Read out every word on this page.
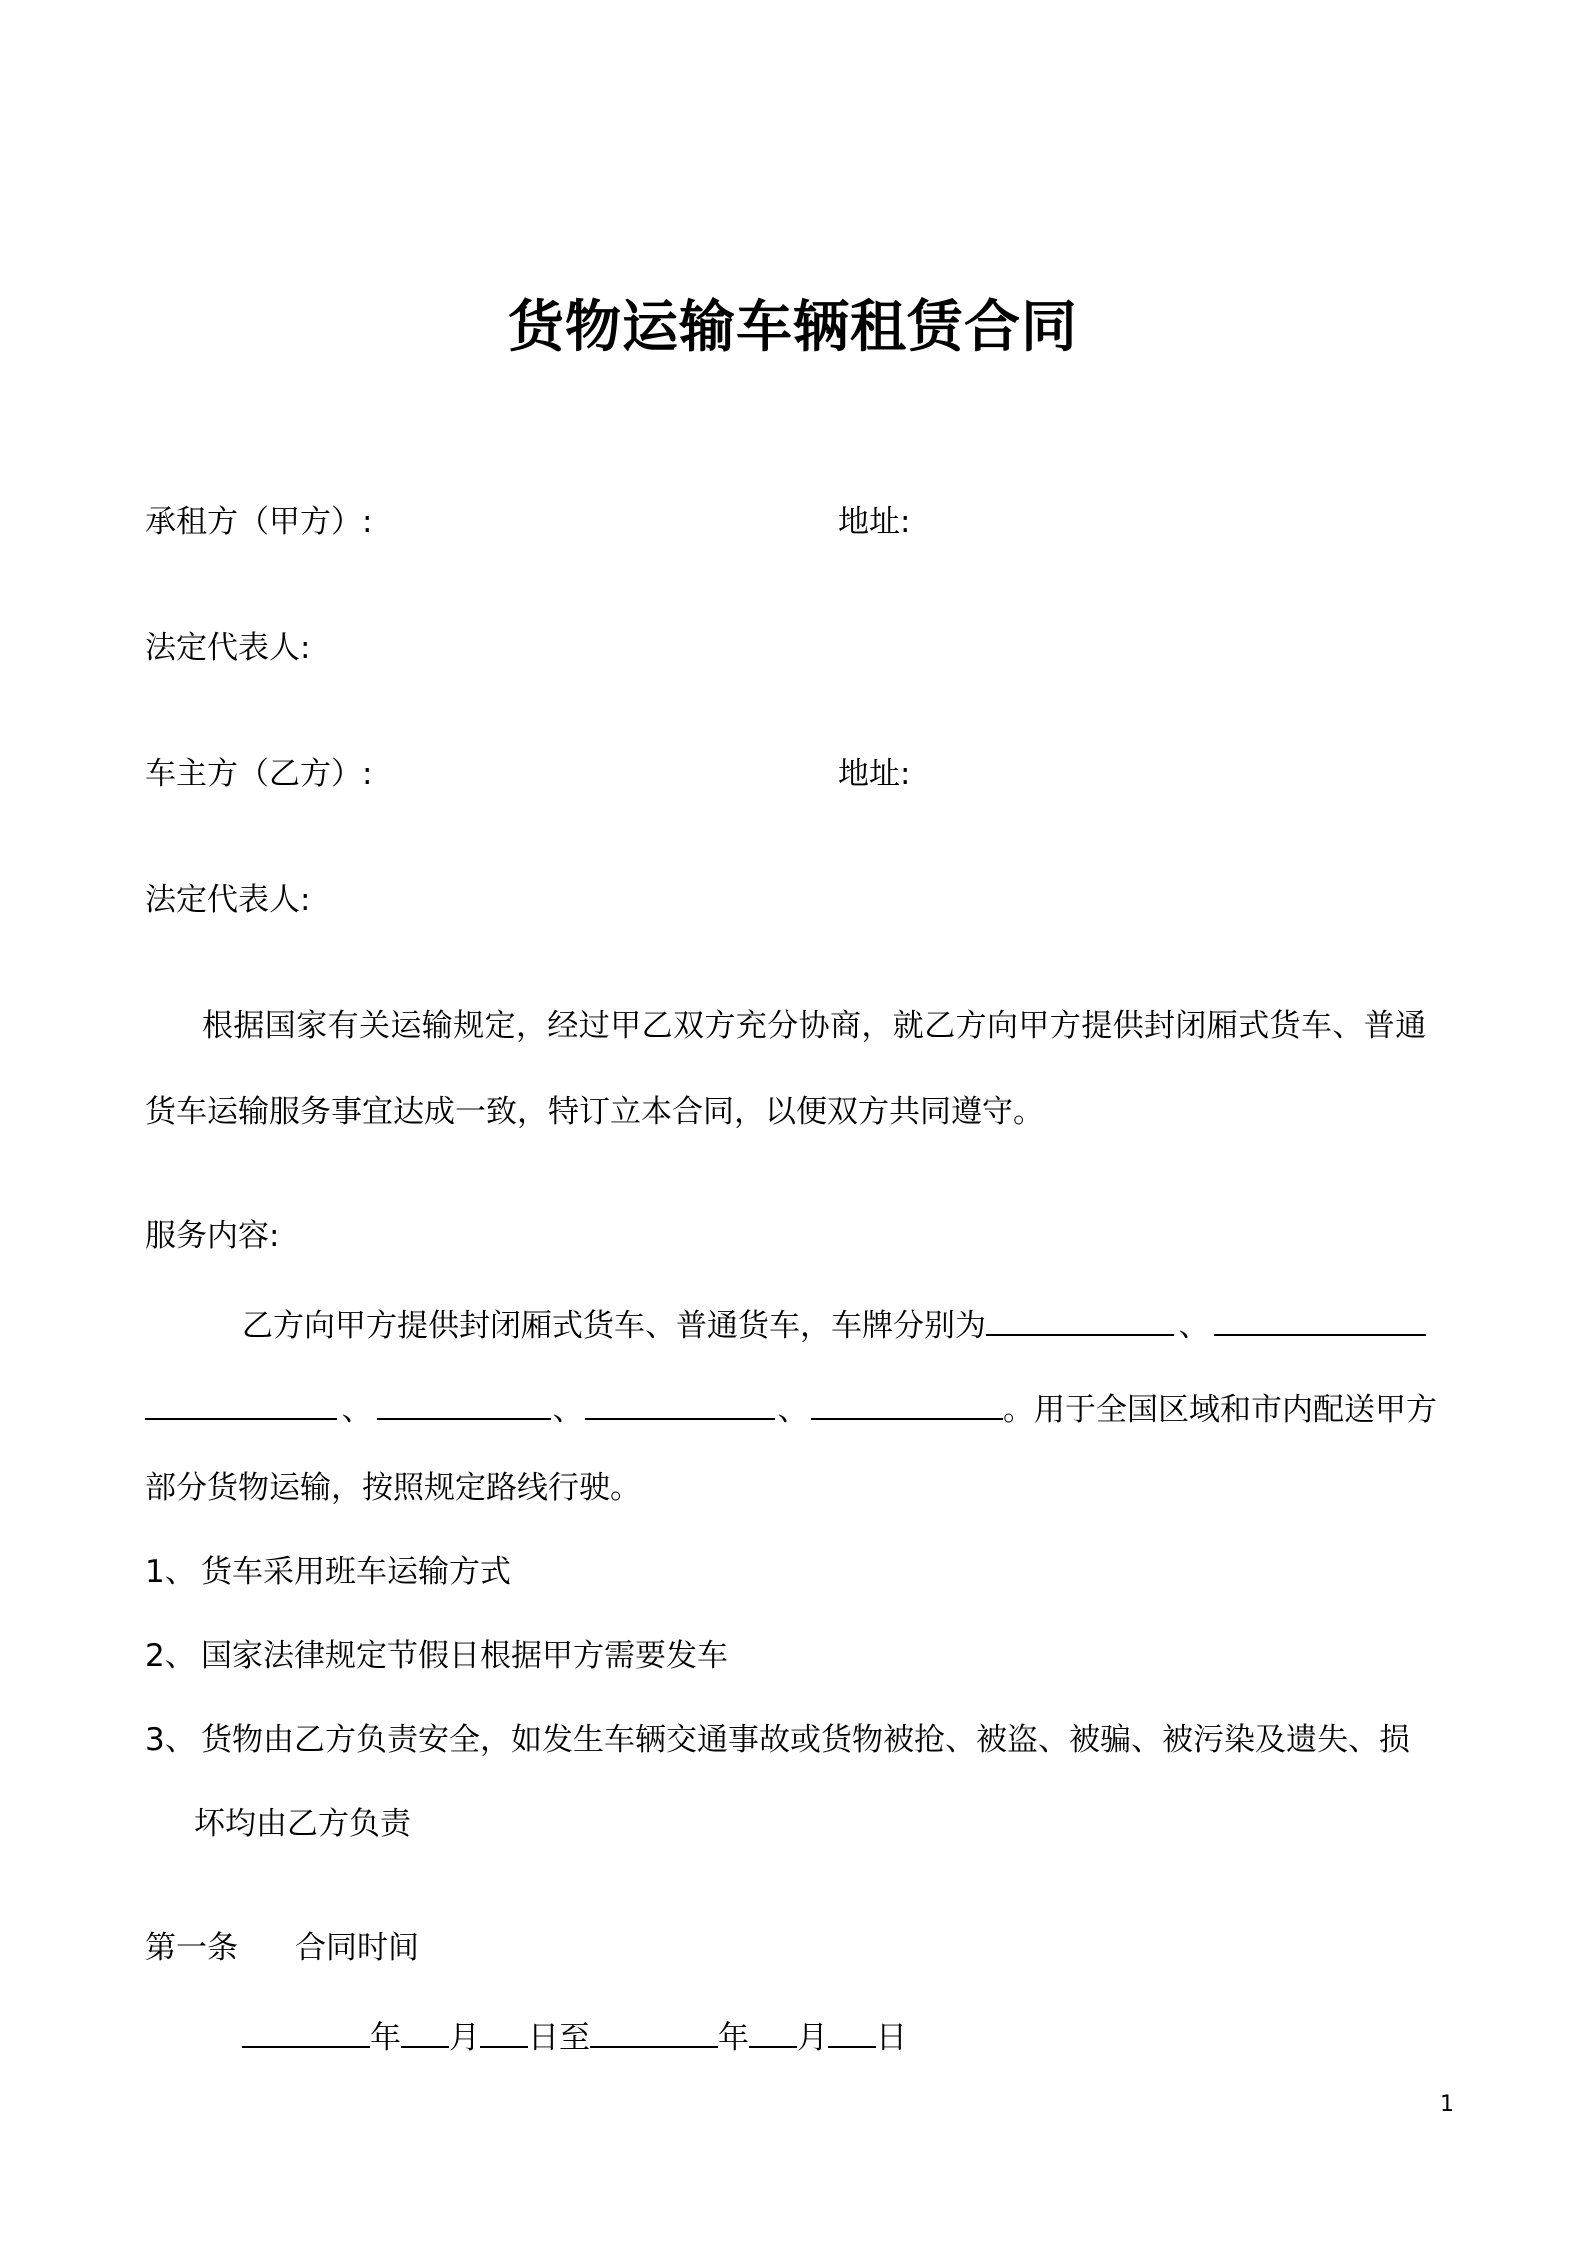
货物运输车辆租赁合同
承租方（甲方）:	地址:
法定代表人:
车主方（乙方）:	地址:
法定代表人:
根据国家有关运输规定，经过甲乙双方充分协商，就乙方向甲方提供封闭厢式货车、普通
货车运输服务事宜达成一致，特订立本合同，以便双方共同遵守。
服务内容:
乙方向甲方提供封闭厢式货车、普通货车，车牌分别为	、
、	、	、	。用于全国区域和市内配送甲方
部分货物运输，按照规定路线行驶。
1、 货车采用班车运输方式
2、 国家法律规定节假日根据甲方需要发车
3、 货物由乙方负责安全，如发生车辆交通事故或货物被抢、被盗、被骗、被污染及遗失、损
坏均由乙方负责
第一条 合同时间
年 月 日至	年 月 日
1
